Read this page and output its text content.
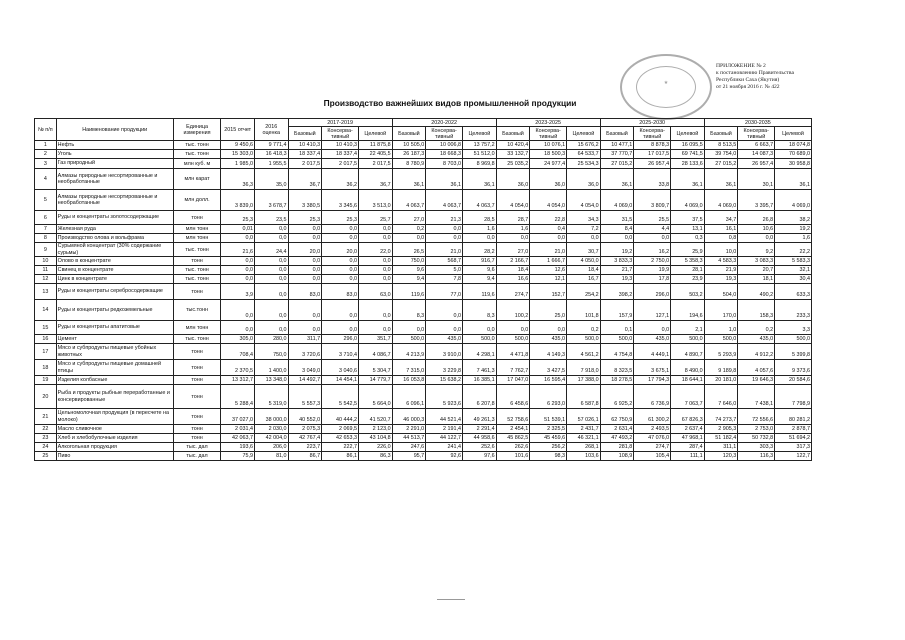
★
ПРИЛОЖЕНИЕ № 2
к постановлению Правительства
Республики Саха (Якутия)
от 21 ноября 2016 г. № 422
Производство важнейших видов промышленной продукции
№ п/п	Наименование продукции	Единица измерения	2015 отчет	2016 оценка	2017-2019			2020-2022			2023-2025			2025-2030			2030-2035		
					Базовый	Консерва-тивный	Целевой	Базовый	Консерва-тивный	Целевой	Базовый	Консерва-тивный	Целевой	Базовый	Консерва-тивный	Целевой	Базовый	Консерва-тивный	Целевой
1	Нефть	тыс. тонн	9 450,6	9 771,4	10 410,3	10 410,3	11 875,8	10 505,0	10 006,8	13 757,2	10 420,4	10 076,1	15 676,2	10 477,1	8 878,3	16 095,5	8 513,5	6 663,7	18 074,8
2	Уголь	тыс. тонн	15 303,0	16 418,3	18 337,4	18 337,4	22 405,5	26 187,3	18 668,3	51 512,0	33 132,7	18 500,3	64 533,7	37 770,7	17 017,5	69 741,5	39 754,0	14 087,3	70 689,0
3	Газ природный	млн куб. м	1 985,0	1 955,5	2 017,5	2 017,5	2 017,5	8 780,9	8 703,0	8 969,8	25 035,2	24 977,4	25 534,3	27 015,2	26 957,4	28 133,6	27 015,2	26 957,4	30 958,8
4	Алмазы природные несортированные и необработанные	млн карат	36,3	35,0	36,7	36,2	36,7	36,1	36,1	36,1	36,0	36,0	36,0	36,1	33,8	36,1	36,1	30,1	36,1
5	Алмазы природные несортированные и необработанные	млн долл.	3 839,0	3 678,7	3 380,5	3 345,6	3 513,0	4 063,7	4 063,7	4 063,7	4 054,0	4 054,0	4 054,0	4 069,0	3 809,7	4 069,0	4 069,0	3 395,7	4 069,0
6	Руды и концентраты золотосодержащие	тонн	25,3	23,5	25,3	25,3	25,7	27,0	21,3	28,5	28,7	22,8	34,3	31,5	25,5	37,5	34,7	26,8	38,2
7	Железная руда	млн тонн	0,01	0,0	0,0	0,0	0,0	0,2	0,0	1,6	1,6	0,4	7,2	8,4	4,4	13,1	16,1	10,6	19,2
8	Производство олова и вольфрама	млн тонн	0,0	0,0	0,0	0,0	0,0	0,0	0,0	0,0	0,0	0,0	0,0	0,0	0,0	0,3	0,8	0,0	1,6
9	Сурьмяной концентрат (30% содержание сурьмы)	тыс. тонн	21,6	24,4	20,0	20,0	22,0	26,5	21,0	28,2	27,0	21,0	30,7	19,2	16,2	25,9	10,0	9,2	22,2
10	Олово в концентрате	тонн	0,0	0,0	0,0	0,0	0,0	750,0	568,7	916,7	2 166,7	1 666,7	4 050,0	3 833,3	2 750,0	5 358,3	4 583,3	3 083,3	5 583,3
11	Свинец в концентрате	тыс. тонн	0,0	0,0	0,0	0,0	0,0	9,6	5,0	9,6	18,4	12,6	18,4	21,7	19,9	28,1	21,9	20,7	32,1
12	Цинк в концентрате	тыс. тонн	0,0	0,0	0,0	0,0	0,0	9,4	7,8	9,4	16,6	12,1	16,7	19,3	17,8	23,9	19,3	18,1	30,4
13	Руды и концентраты серебросодержащие	тонн	3,9	0,0	83,0	83,0	63,0	119,6	77,0	119,6	274,7	152,7	254,2	398,2	296,0	503,2	504,0	490,2	633,3
14	Руды и концентраты редкоземельные	тыс.тонн	0,0	0,0	0,0	0,0	0,0	8,3	0,0	8,3	100,2	25,0	101,8	157,9	127,1	194,6	170,0	158,3	233,3
15	Руды и концентраты апатитовые	млн тонн	0,0	0,0	0,0	0,0	0,0	0,0	0,0	0,0	0,0	0,0	0,2	0,1	0,0	2,1	1,0	0,2	3,3
16	Цемент	тыс. тонн	305,0	280,0	311,7	296,0	351,7	500,0	435,0	500,0	500,0	435,0	500,0	500,0	435,0	500,0	500,0	435,0	500,0
17	Мясо и субпродукты пищевые убойных животных	тонн	708,4	750,0	3 720,6	3 710,4	4 086,7	4 213,9	3 910,0	4 298,1	4 471,8	4 149,3	4 561,2	4 754,8	4 449,1	4 890,7	5 293,9	4 912,2	5 399,8
18	Мясо и субпродукты пищевые домашней птицы	тонн	2 370,5	1 400,0	3 049,0	3 040,6	5 304,7	7 315,0	3 229,8	7 461,3	7 762,7	3 427,5	7 918,0	8 323,5	3 675,1	8 490,0	9 189,8	4 057,6	9 373,6
19	Изделия колбасные	тонн	13 312,7	13 348,0	14 492,7	14 454,1	14 779,7	16 053,8	15 638,2	16 385,1	17 047,0	16 595,4	17 388,0	18 278,5	17 794,3	18 644,1	20 181,0	19 646,3	20 584,6
20	Рыба и продукты рыбные переработанные и консервированные	тонн	5 288,4	5 319,0	5 557,3	5 542,5	5 664,0	6 096,1	5 923,6	6 207,8	6 458,6	6 293,0	6 587,8	6 925,2	6 736,9	7 063,7	7 646,0	7 438,1	7 798,9
21	Цельномолочная продукция (в пересчете на молоко)	тонн	37 027,0	38 000,0	40 552,0	40 444,2	41 520,7	46 000,3	44 521,4	49 261,3	52 758,6	51 539,1	57 026,1	62 750,9	61 300,2	67 826,3	74 273,7	72 556,6	80 281,2
22	Масло сливочное	тонн	2 031,4	2 030,0	2 075,3	2 069,5	2 123,0	2 291,0	2 191,4	2 291,4	2 454,1	2 325,5	2 431,7	2 631,4	2 493,5	2 637,4	2 905,3	2 753,0	2 878,7
23	Хлеб и хлебобулочные изделия	тонн	42 063,7	42 004,0	42 767,4	42 653,3	43 104,8	44 513,7	44 122,7	44 958,6	45 862,5	45 459,6	46 321,1	47 493,2	47 076,0	47 968,1	51 182,4	50 732,8	51 694,2
24	Алкогольная продукция	тыс. дал	193,6	206,0	223,7	222,7	226,0	247,6	241,4	252,6	262,6	256,2	268,1	281,8	274,7	287,4	311,1	303,3	317,3
25	Пиво	тыс. дал	75,9	81,0	86,7	86,1	86,3	95,7	92,6	97,6	101,6	98,3	103,6	108,9	105,4	111,1	120,3	116,3	122,7
